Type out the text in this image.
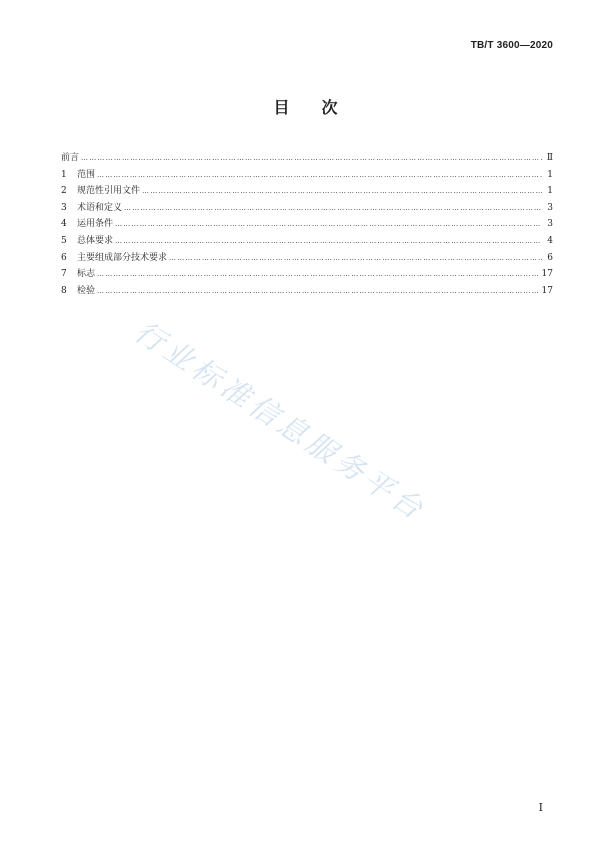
TB/T 3600—2020
目　　次
前言 ……………………………………………………………………………………………………………………………………………………………………………………………………………………	Ⅱ
1	范围 ……………………………………………………………………………………………………………………………………………………………………………………………………………………	1
2	规范性引用文件 ……………………………………………………………………………………………………………………………………………………………………………………………………………………	1
3	术语和定义 ……………………………………………………………………………………………………………………………………………………………………………………………………………………	3
4	运用条件 ……………………………………………………………………………………………………………………………………………………………………………………………………………………	3
5	总体要求 ……………………………………………………………………………………………………………………………………………………………………………………………………………………	4
6	主要组成部分技术要求 ……………………………………………………………………………………………………………………………………………………………………………………………………………………	6
7	标志 ……………………………………………………………………………………………………………………………………………………………………………………………………………………	17
8	检验 ……………………………………………………………………………………………………………………………………………………………………………………………………………………	17
行业标准信息服务平台
I
